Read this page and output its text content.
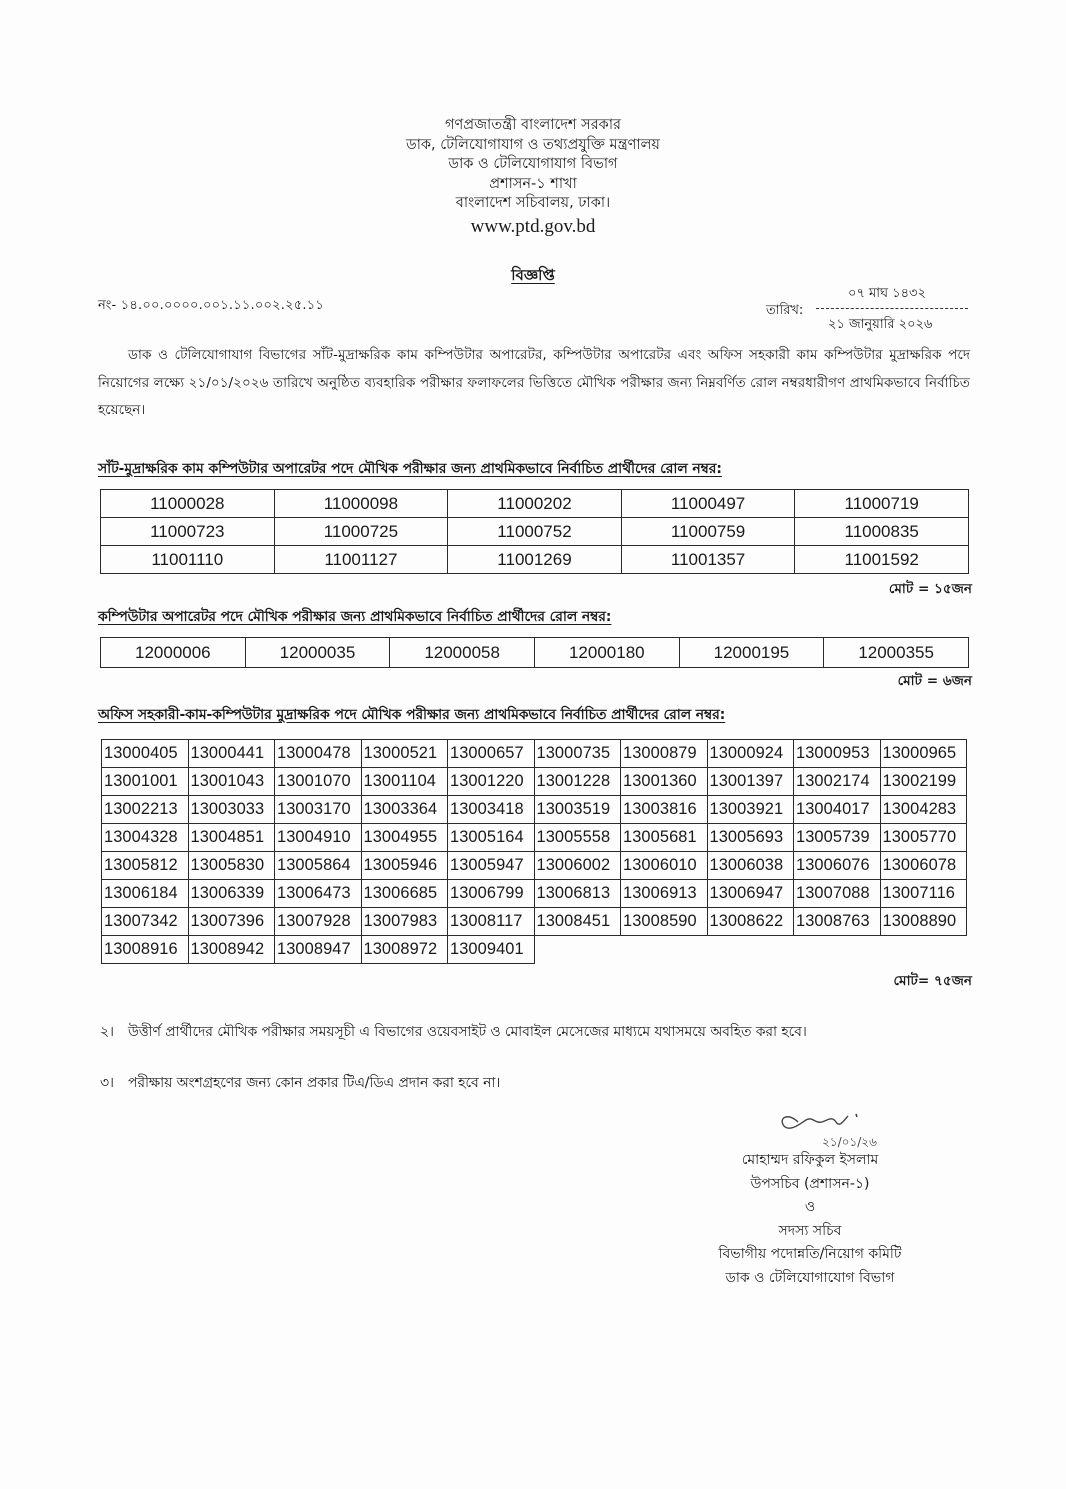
গণপ্রজাতন্ত্রী বাংলাদেশ সরকার
ডাক, টেলিযোগাযাগ ও তথ্যপ্রযুক্তি মন্ত্রণালয়
ডাক ও টেলিযোগাযাগ বিভাগ
প্রশাসন-১ শাখা
বাংলাদেশ সচিবালয়, ঢাকা।
www.ptd.gov.bd
বিজ্ঞপ্তি
নং- ১৪.০০.০০০০.০০১.১১.০০২.২৫.১১
০৭ মাঘ ১৪৩২
তারিখ:
২১ জানুয়ারি ২০২৬
ডাক ও টেলিযোগাযাগ বিভাগের সাঁট-মুদ্রাক্ষরিক কাম কম্পিউটার অপারেটর, কম্পিউটার অপারেটর এবং অফিস সহকারী কাম কম্পিউটার মুদ্রাক্ষরিক পদে নিয়োগের লক্ষ্যে ২১/০১/২০২৬ তারিখে অনুষ্ঠিত ব্যবহারিক পরীক্ষার ফলাফলের ভিত্তিতে মৌখিক পরীক্ষার জন্য নিম্নবর্ণিত রোল নম্বরধারীগণ প্রাথমিকভাবে নির্বাচিত হয়েছেন।
সাঁট-মুদ্রাক্ষরিক কাম কম্পিউটার অপারেটর পদে মৌখিক পরীক্ষার জন্য প্রাথমিকভাবে নির্বাচিত প্রার্থীদের রোল নম্বর:
11000028	11000098	11000202	11000497	11000719
11000723	11000725	11000752	11000759	11000835
11001110	11001127	11001269	11001357	11001592
মোট = ১৫জন
কম্পিউটার অপারেটর পদে মৌখিক পরীক্ষার জন্য প্রাথমিকভাবে নির্বাচিত প্রার্থীদের রোল নম্বর:
12000006	12000035	12000058	12000180	12000195	12000355
মোট = ৬জন
অফিস সহকারী-কাম-কম্পিউটার মুদ্রাক্ষরিক পদে মৌখিক পরীক্ষার জন্য প্রাথমিকভাবে নির্বাচিত প্রার্থীদের রোল নম্বর:
13000405	13000441	13000478	13000521	13000657	13000735	13000879	13000924	13000953	13000965
13001001	13001043	13001070	13001104	13001220	13001228	13001360	13001397	13002174	13002199
13002213	13003033	13003170	13003364	13003418	13003519	13003816	13003921	13004017	13004283
13004328	13004851	13004910	13004955	13005164	13005558	13005681	13005693	13005739	13005770
13005812	13005830	13005864	13005946	13005947	13006002	13006010	13006038	13006076	13006078
13006184	13006339	13006473	13006685	13006799	13006813	13006913	13006947	13007088	13007116
13007342	13007396	13007928	13007983	13008117	13008451	13008590	13008622	13008763	13008890
13008916	13008942	13008947	13008972	13009401					
মোট= ৭৫জন
২। উত্তীর্ণ প্রার্থীদের মৌখিক পরীক্ষার সময়সূচী এ বিভাগের ওয়েবসাইট ও মোবাইল মেসেজের মাধ্যমে যথাসময়ে অবহিত করা হবে।
৩। পরীক্ষায় অংশগ্রহণের জন্য কোন প্রকার টিএ/ডিএ প্রদান করা হবে না।
২১/০১/২৬
মোহাম্মদ রফিকুল ইসলাম
উপসচিব (প্রশাসন-১)
ও
সদস্য সচিব
বিভাগীয় পদোন্নতি/নিয়োগ কমিটি
ডাক ও টেলিযোগাযোগ বিভাগ
